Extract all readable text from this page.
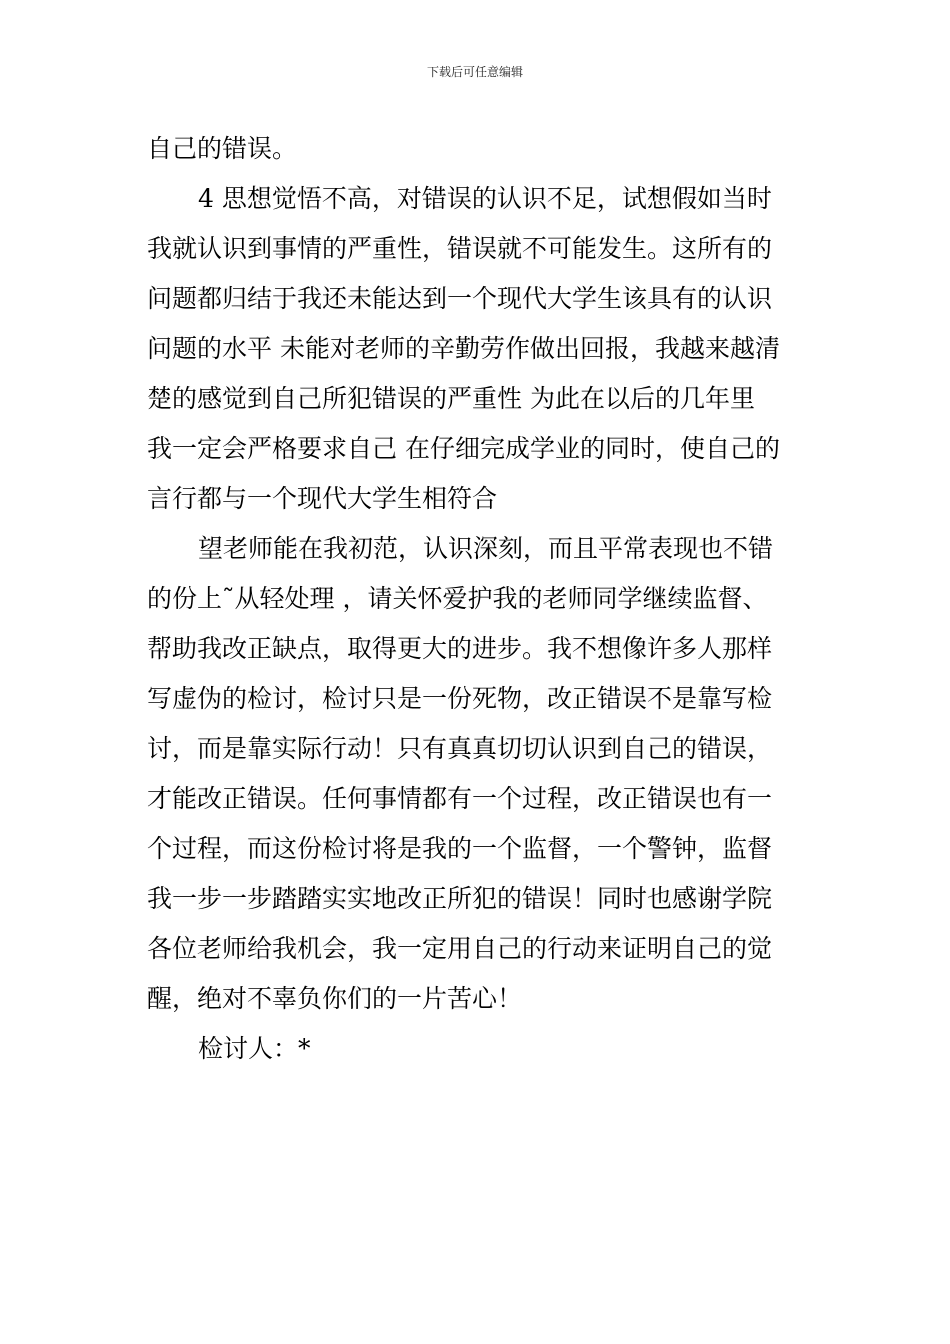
下载后可任意编辑
自己的错误。
4 思想觉悟不高，对错误的认识不足，试想假如当时
我就认识到事情的严重性，错误就不可能发生。这所有的
问题都归结于我还未能达到一个现代大学生该具有的认识
问题的水平 未能对老师的辛勤劳作做出回报，我越来越清
楚的感觉到自己所犯错误的严重性 为此在以后的几年里
我一定会严格要求自己 在仔细完成学业的同时，使自己的
言行都与一个现代大学生相符合
望老师能在我初范，认识深刻，而且平常表现也不错
的份上˜从轻处理 ，请关怀爱护我的老师同学继续监督、
帮助我改正缺点，取得更大的进步。我不想像许多人那样
写虚伪的检讨，检讨只是一份死物，改正错误不是靠写检
讨，而是靠实际行动！只有真真切切认识到自己的错误，
才能改正错误。任何事情都有一个过程，改正错误也有一
个过程，而这份检讨将是我的一个监督，一个警钟，监督
我一步一步踏踏实实地改正所犯的错误！同时也感谢学院
各位老师给我机会，我一定用自己的行动来证明自己的觉
醒，绝对不辜负你们的一片苦心！
检讨人：*
